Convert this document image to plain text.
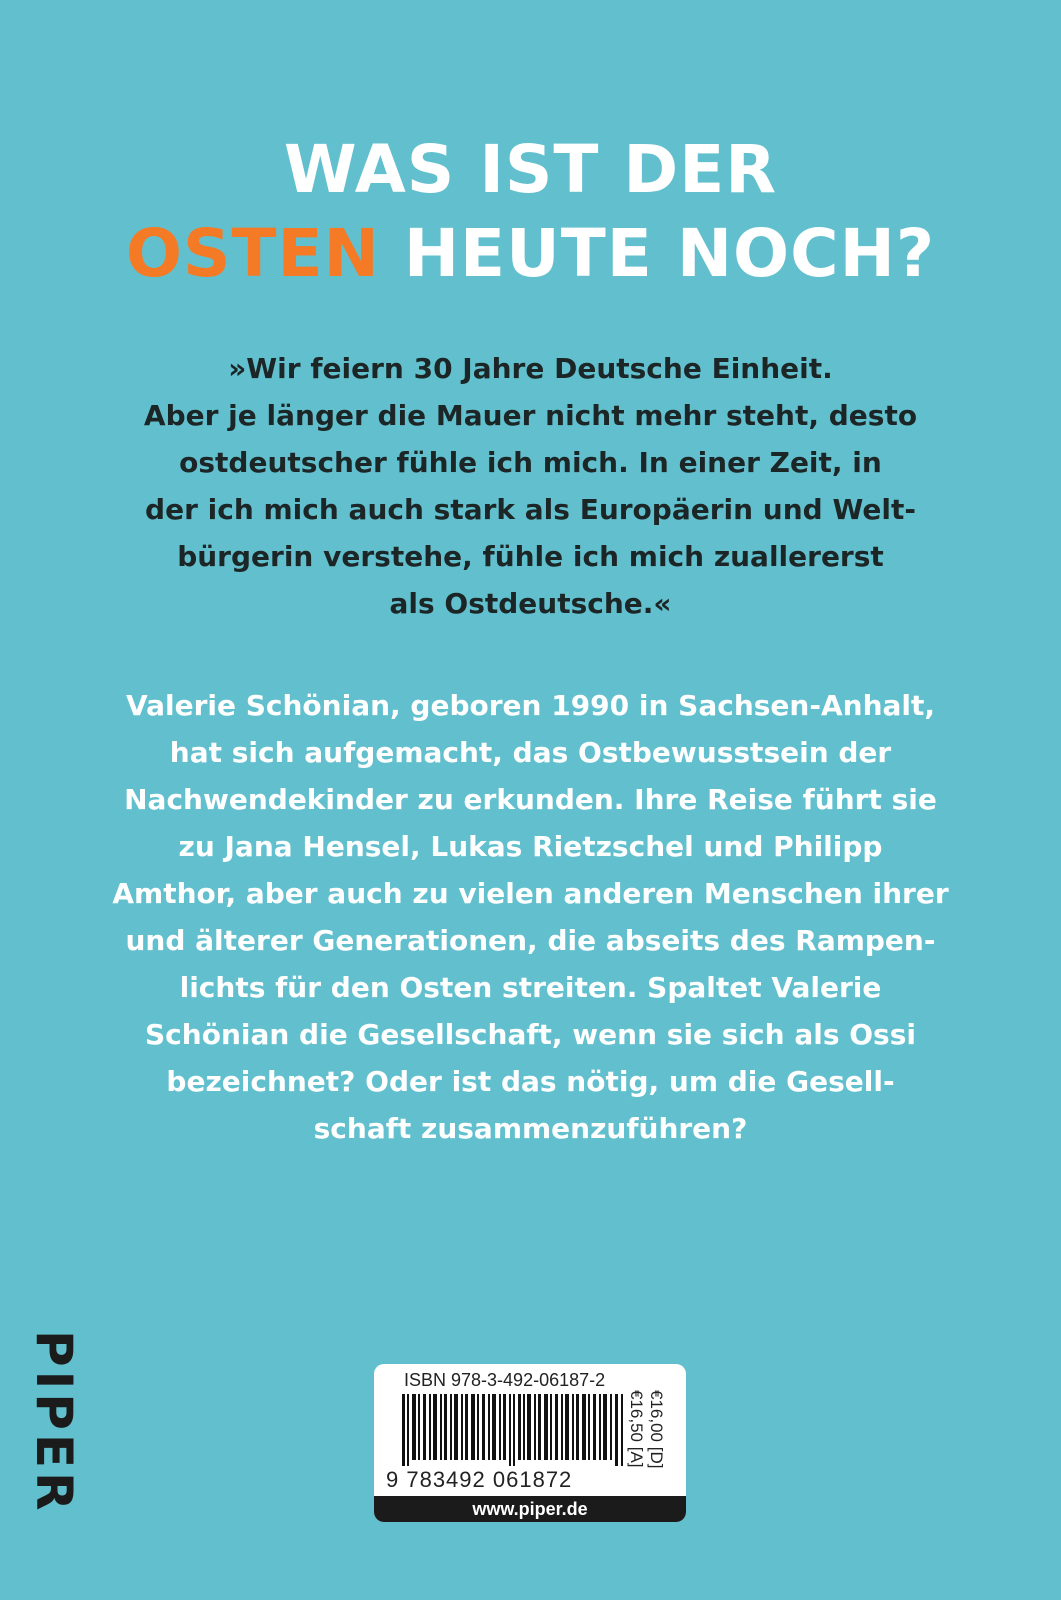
WAS IST DER
OSTEN HEUTE NOCH?
»Wir feiern 30 Jahre Deutsche Einheit.
Aber je länger die Mauer nicht mehr steht, desto
ostdeutscher fühle ich mich. In einer Zeit, in
der ich mich auch stark als Europäerin und Welt-
bürgerin verstehe, fühle ich mich zuallererst
als Ostdeutsche.«
Valerie Schönian, geboren 1990 in Sachsen-Anhalt,
hat sich aufgemacht, das Ostbewusstsein der
Nachwendekinder zu erkunden. Ihre Reise führt sie
zu Jana Hensel, Lukas Rietzschel und Philipp
Amthor, aber auch zu vielen anderen Menschen ihrer
und älterer Generationen, die abseits des Rampen-
lichts für den Osten streiten. Spaltet Valerie
Schönian die Gesellschaft, wenn sie sich als Ossi
bezeichnet? Oder ist das nötig, um die Gesell-
schaft zusammenzuführen?
PIPER	ISBN 978-3-492-06187-2
9 783492 061872
€16,00 [D]
€16,50 [A]
www.piper.de
